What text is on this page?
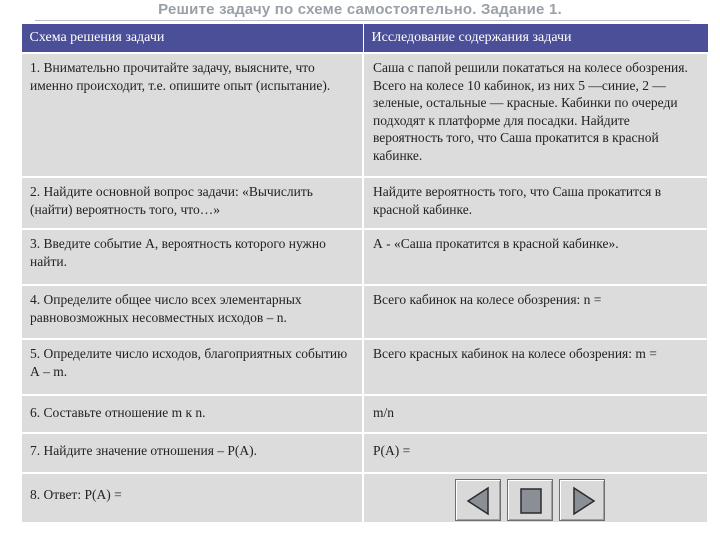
Решите задачу по схеме самостоятельно. Задание 1.
Схема решения задачи	Исследование содержания задачи
1. Внимательно прочитайте задачу, выясните, что именно происходит, т.е. опишите опыт (испытание).	Саша с папой решили покататься на колесе обозрения. Всего на колесе 10 кабинок, из них 5 —синие, 2 — зеленые, остальные — красные. Кабинки по очереди подходят к платформе для посадки. Найдите вероятность того, что Саша прокатится в красной кабинке.
2. Найдите основной вопрос задачи: «Вычислить (найти) вероятность того, что…»	Найдите вероятность того, что Саша прокатится в красной кабинке.
3. Введите событие А, вероятность которого нужно найти.	А - «Саша прокатится в красной кабинке».
4. Определите общее число всех элементарных равновозможных несовместных исходов – n.	Всего кабинок на колесе обозрения: n =
5. Определите число исходов, благоприятных событию А – m.	Всего красных кабинок на колесе обозрения: m =
6. Составьте отношение m к n.	m/n
7. Найдите значение отношения – Р(А).	Р(А) =
8. Ответ: Р(А) =	
